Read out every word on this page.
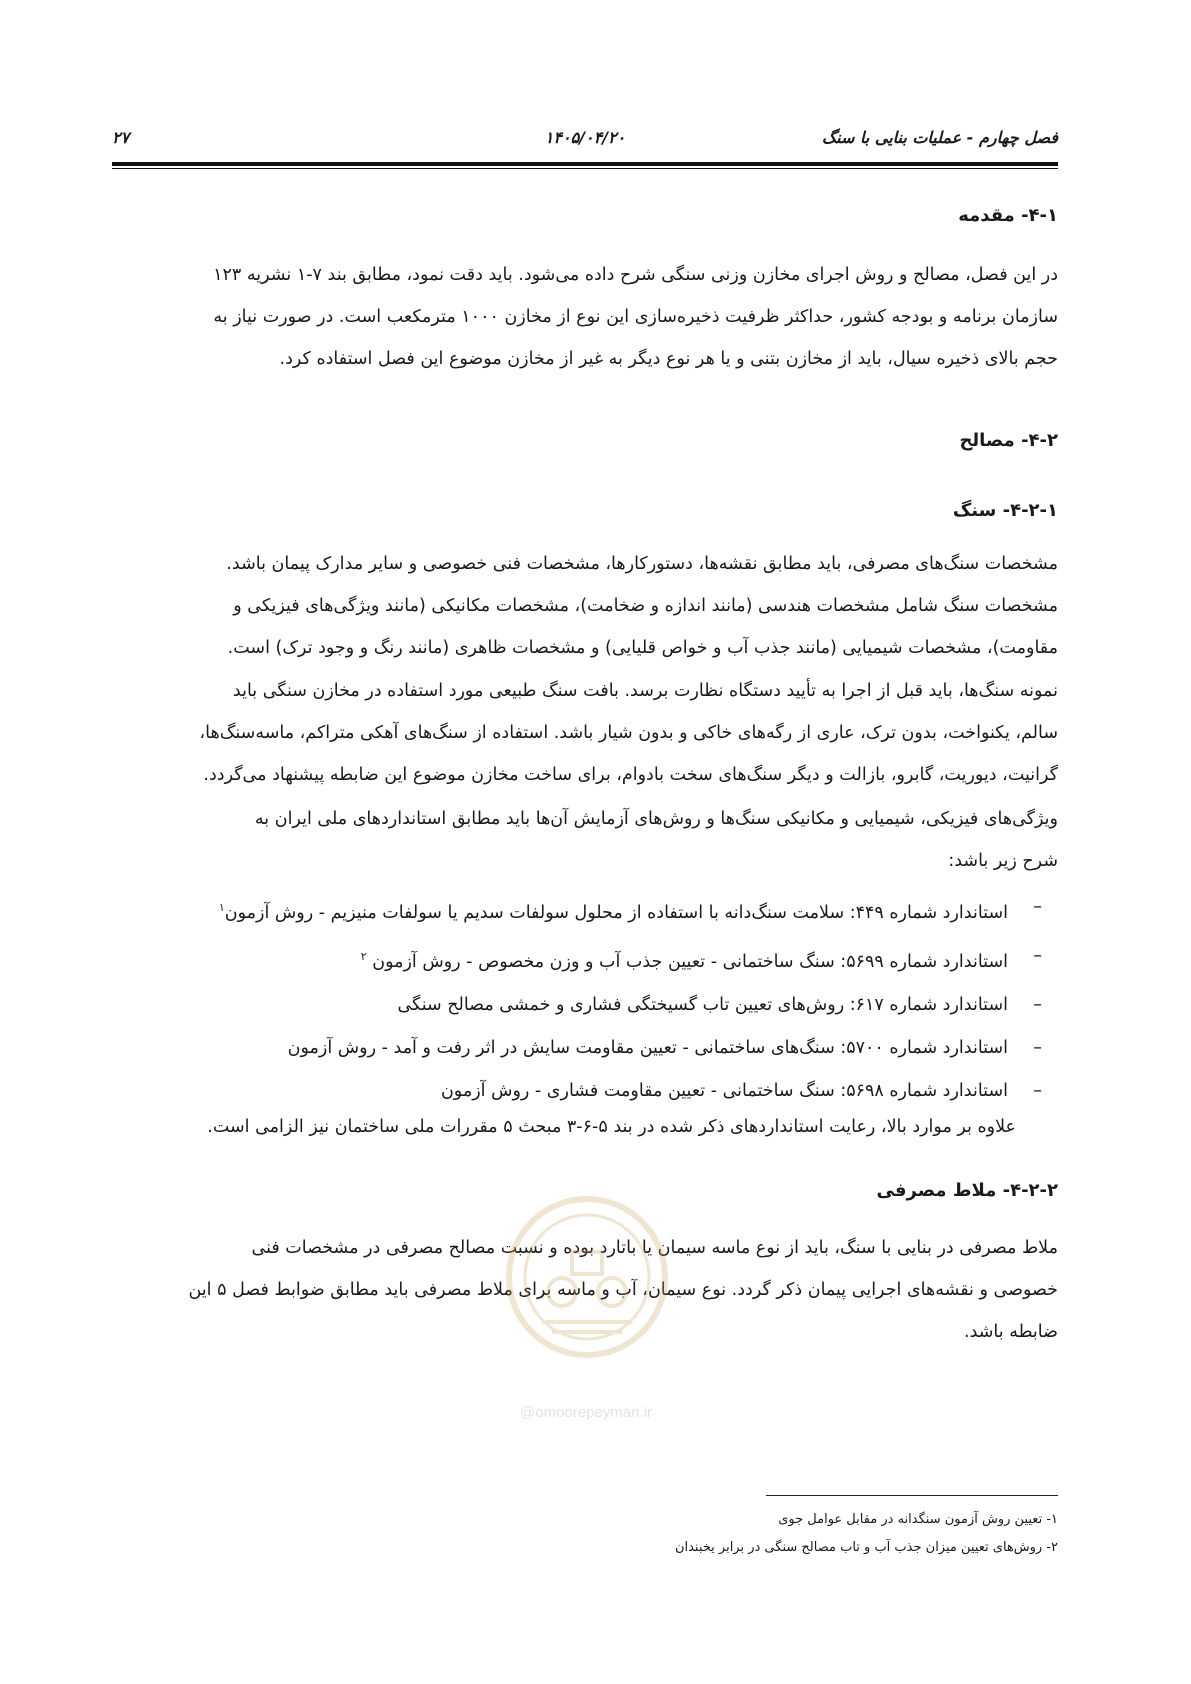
فصل چهارم - عملیات بنایی با سنگ
۱۴۰۵/۰۴/۲۰
۲۷
۴-۱- مقدمه
در این فصل، مصالح و روش اجرای مخازن وزنی سنگی شرح داده می‌شود. باید دقت نمود، مطابق بند ۷-۱ نشریه ۱۲۳
سازمان برنامه و بودجه کشور، حداکثر ظرفیت ذخیره‌سازی این نوع از مخازن ۱۰۰۰ مترمکعب است. در صورت نیاز به
حجم بالای ذخیره سیال، باید از مخازن بتنی و یا هر نوع دیگر به غیر از مخازن موضوع این فصل استفاده کرد.
۴-۲- مصالح
۴-۲-۱- سنگ
مشخصات سنگ‌های مصرفی، باید مطابق نقشه‌ها، دستورکارها، مشخصات فنی خصوصی و سایر مدارک پیمان باشد.
مشخصات سنگ شامل مشخصات هندسی (مانند اندازه و ضخامت)، مشخصات مکانیکی (مانند ویژگی‌های فیزیکی و
مقاومت)، مشخصات شیمیایی (مانند جذب آب و خواص قلیایی) و مشخصات ظاهری (مانند رنگ و وجود ترک) است.
نمونه سنگ‌ها، باید قبل از اجرا به تأیید دستگاه نظارت برسد. بافت سنگ طبیعی مورد استفاده در مخازن سنگی باید
سالم، یکنواخت، بدون ترک، عاری از رگه‌های خاکی و بدون شیار باشد. استفاده از سنگ‌های آهکی متراکم، ماسه‌سنگ‌ها،
گرانیت، دیوریت، گابرو، بازالت و دیگر سنگ‌های سخت بادوام، برای ساخت مخازن موضوع این ضابطه پیشنهاد می‌گردد.
ویژگی‌های فیزیکی، شیمیایی و مکانیکی سنگ‌ها و روش‌های آزمایش آن‌ها باید مطابق استانداردهای ملی ایران به
شرح زیر باشد:
–
استاندارد شماره ۴۴۹: سلامت سنگ‌دانه با استفاده از محلول سولفات سدیم یا سولفات منیزیم - روش آزمون$^۱$
–
استاندارد شماره ۵۶۹۹: سنگ ساختمانی - تعیین جذب آب و وزن مخصوص - روش آزمون $^۲$
–
استاندارد شماره ۶۱۷: روش‌های تعیین تاب گسیختگی فشاری و خمشی مصالح سنگی
–
استاندارد شماره ۵۷۰۰: سنگ‌های ساختمانی - تعیین مقاومت سایش در اثر رفت و آمد - روش آزمون
–
استاندارد شماره ۵۶۹۸: سنگ ساختمانی - تعیین مقاومت فشاری - روش آزمون
علاوه بر موارد بالا، رعایت استانداردهای ذکر شده در بند ۵-۶-۳ مبحث ۵ مقررات ملی ساختمان نیز الزامی است.
۴-۲-۲- ملاط مصرفی
ملاط مصرفی در بنایی با سنگ، باید از نوع ماسه سیمان یا باتارد بوده و نسبت مصالح مصرفی در مشخصات فنی
خصوصی و نقشه‌های اجرایی پیمان ذکر گردد. نوع سیمان، آب و ماسه برای ملاط مصرفی باید مطابق ضوابط فصل ۵ این
ضابطه باشد.
@omoorepeyman.ir
۱- تعیین روش آزمون سنگدانه در مقابل عوامل جوی
۲- روش‌های تعیین میزان جذب آب و تاب مصالح سنگی در برابر یخبندان
